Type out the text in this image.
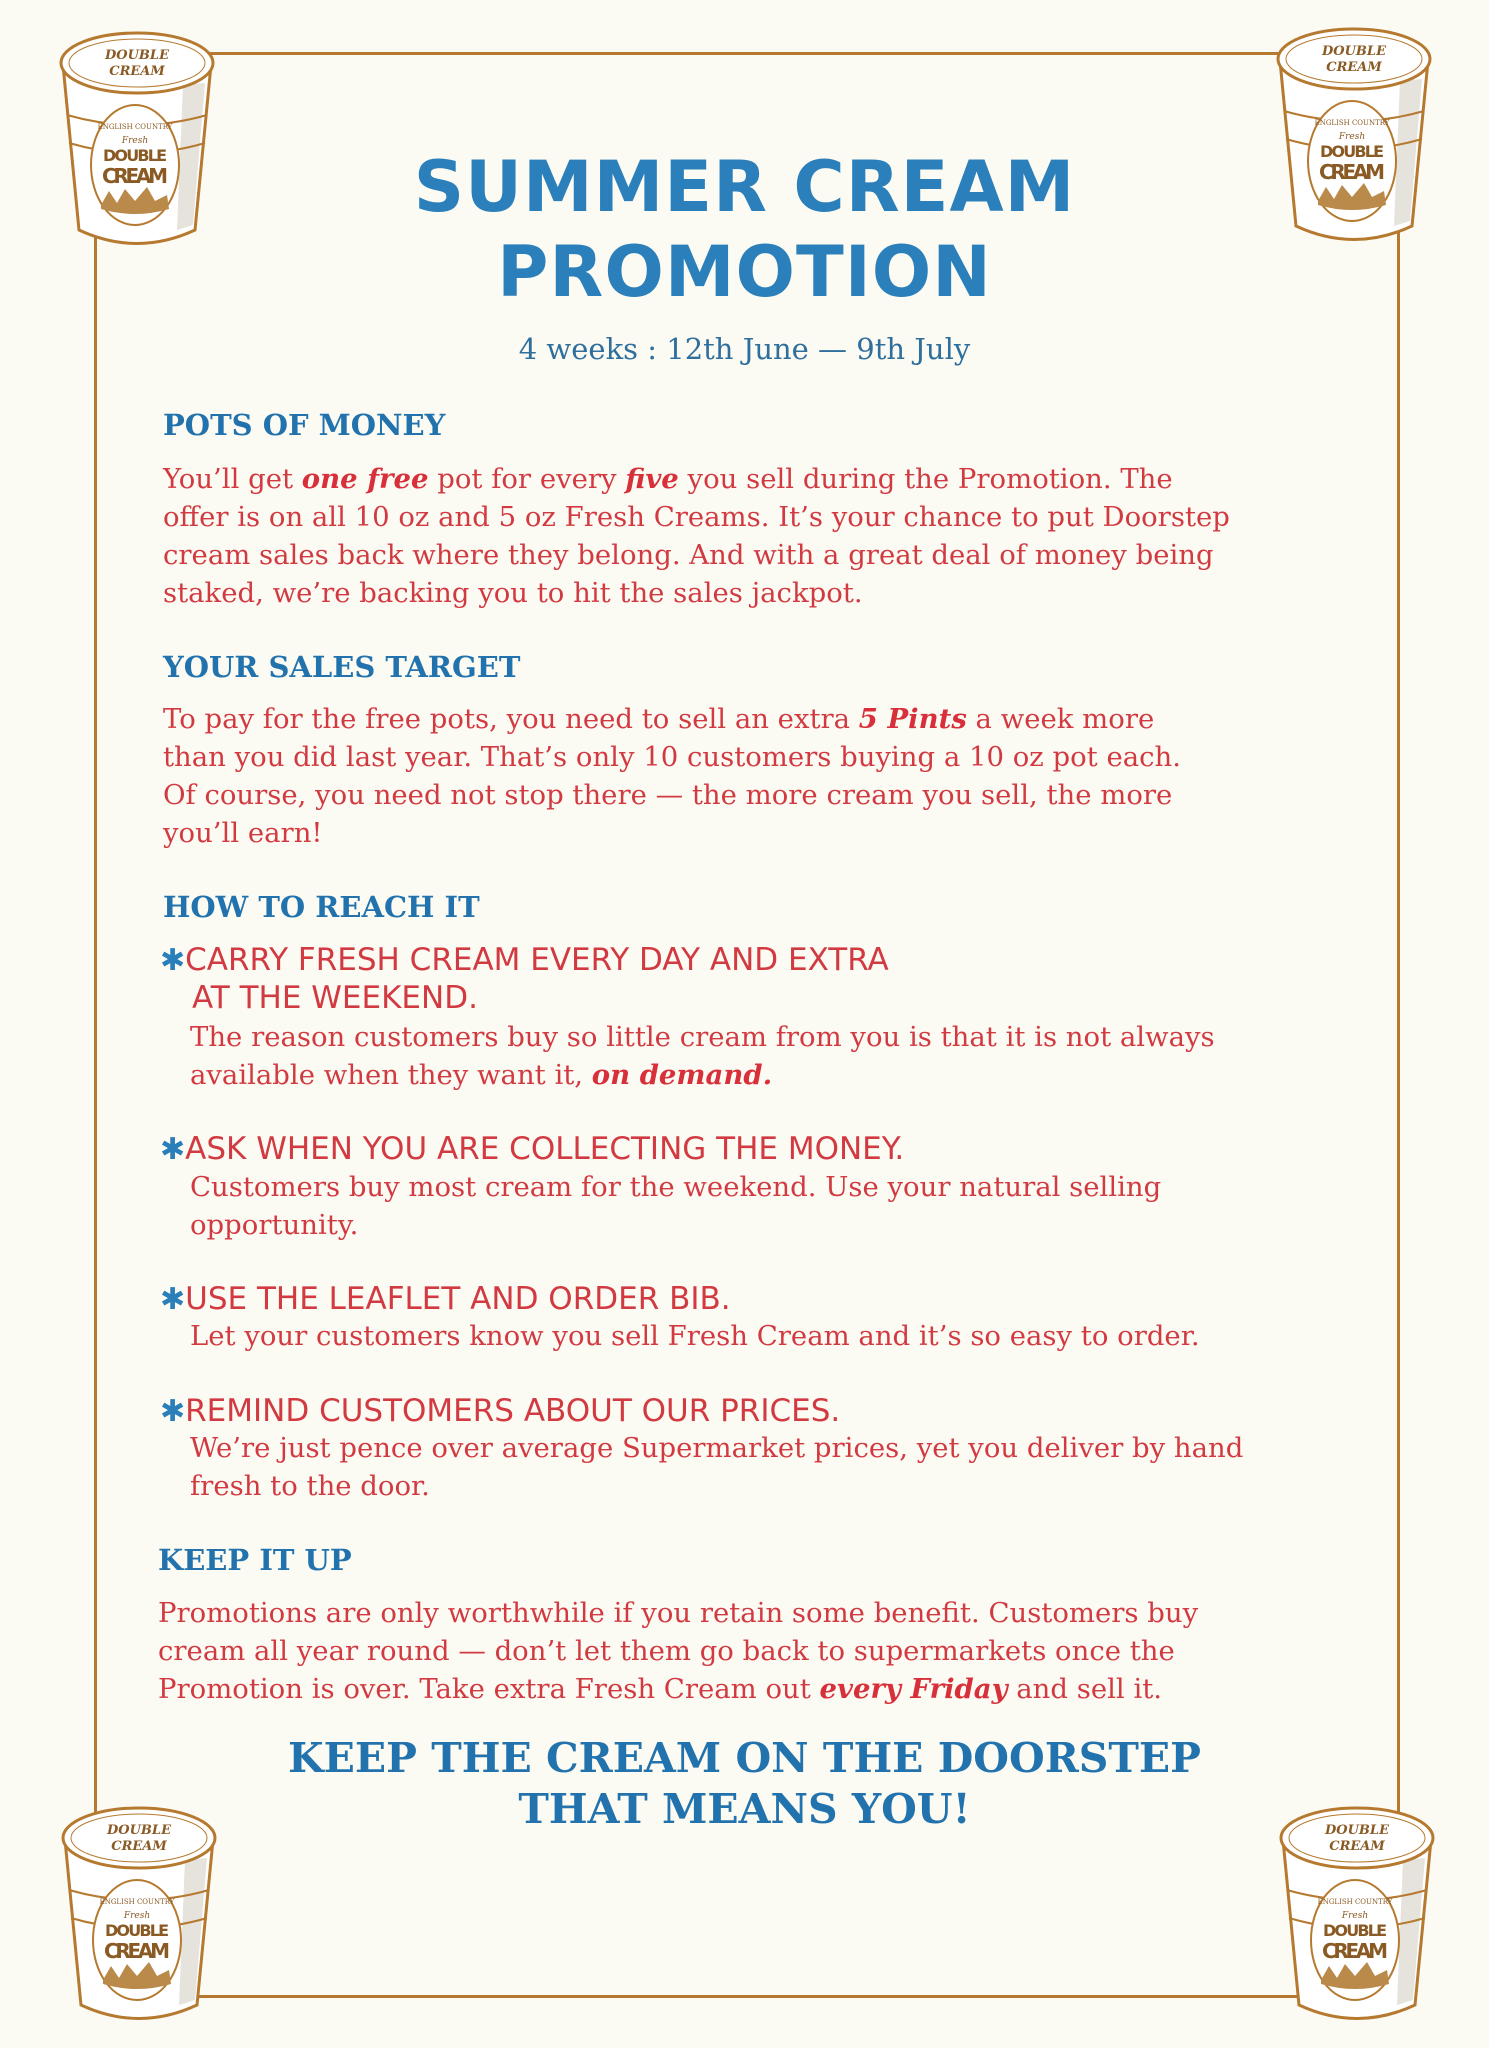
SUMMER CREAM
PROMOTION
4 weeks : 12th June — 9th July
POTS OF MONEY
You’ll get one free pot for every five you sell during the Promotion. The
offer is on all 10 oz and 5 oz Fresh Creams. It’s your chance to put Doorstep
cream sales back where they belong. And with a great deal of money being
staked, we’re backing you to hit the sales jackpot.
YOUR SALES TARGET
To pay for the free pots, you need to sell an extra 5 Pints a week more
than you did last year. That’s only 10 customers buying a 10 oz pot each.
Of course, you need not stop there — the more cream you sell, the more
you’ll earn!
HOW TO REACH IT
✱CARRY FRESH CREAM EVERY DAY AND EXTRA
AT THE WEEKEND.
The reason customers buy so little cream from you is that it is not always
available when they want it, on demand.
✱ASK WHEN YOU ARE COLLECTING THE MONEY.
Customers buy most cream for the weekend. Use your natural selling
opportunity.
✱USE THE LEAFLET AND ORDER BIB.
Let your customers know you sell Fresh Cream and it’s so easy to order.
✱REMIND CUSTOMERS ABOUT OUR PRICES.
We’re just pence over average Supermarket prices, yet you deliver by hand
fresh to the door.
KEEP IT UP
Promotions are only worthwhile if you retain some benefit. Customers buy
cream all year round — don’t let them go back to supermarkets once the
Promotion is over. Take extra Fresh Cream out every Friday and sell it.
KEEP THE CREAM ON THE DOORSTEP
THAT MEANS YOU!
DOUBLE
CREAM
ENGLISH COUNTRY
Fresh
DOUBLE
CREAM
DOUBLE
CREAM
ENGLISH COUNTRY
Fresh
DOUBLE
CREAM
DOUBLE
CREAM
ENGLISH COUNTRY
Fresh
DOUBLE
CREAM
DOUBLE
CREAM
ENGLISH COUNTRY
Fresh
DOUBLE
CREAM
